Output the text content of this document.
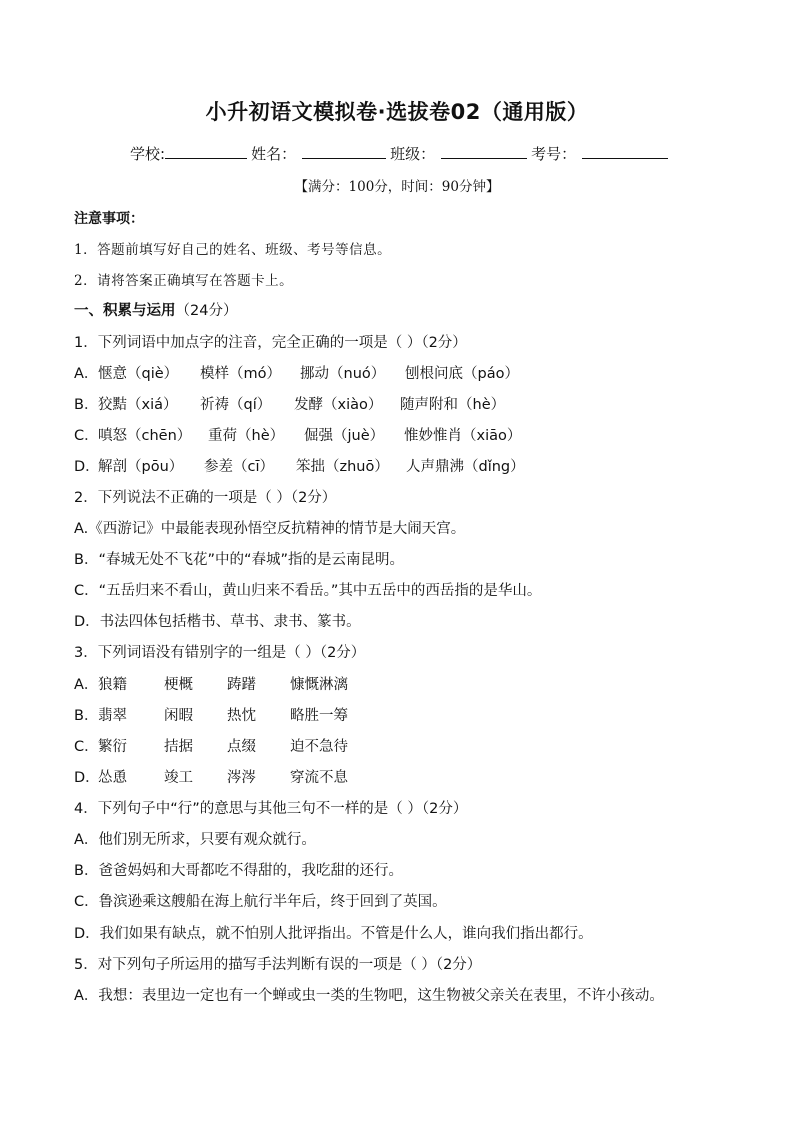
小升初语文模拟卷·选拔卷02（通用版）
学校:	姓名：	班级：	考号：
【满分：100分，时间：90分钟】
注意事项：
1．答题前填写好自己的姓名、班级、考号等信息。
2．请将答案正确填写在答题卡上。
一、积累与运用（24分）
1．下列词语中加点字的注音，完全正确的一项是（ ）（2分）
A．惬意（qiè） 模样（mó） 挪动（nuó） 刨根问底（páo）
B．狡黠（xiá） 祈祷（qí） 发酵（xiào） 随声附和（hè）
C．嗔怒（chēn） 重荷（hè） 倔强（juè） 惟妙惟肖（xiāo）
D．解剖（pōu） 参差（cī） 笨拙（zhuō） 人声鼎沸（dǐng）
2．下列说法不正确的一项是（ ）（2分）
A.《西游记》中最能表现孙悟空反抗精神的情节是大闹天宫。
B．“春城无处不飞花”中的“春城”指的是云南昆明。
C．“五岳归来不看山，黄山归来不看岳。”其中五岳中的西岳指的是华山。
D．书法四体包括楷书、草书、隶书、篆书。
3．下列词语没有错别字的一组是（ ）（2分）
A．狼籍	梗概 踌躇 慷慨淋漓
B．翡翠	闲暇 热忱 略胜一筹
C．繁衍	拮据 点缀 迫不急待
D．怂恿	竣工 涔涔 穿流不息
4．下列句子中“行”的意思与其他三句不一样的是（ ）（2分）
A．他们别无所求，只要有观众就行。
B．爸爸妈妈和大哥都吃不得甜的，我吃甜的还行。
C．鲁滨逊乘这艘船在海上航行半年后，终于回到了英国。
D．我们如果有缺点，就不怕别人批评指出。不管是什么人，谁向我们指出都行。
5．对下列句子所运用的描写手法判断有误的一项是（ ）（2分）
A．我想：表里边一定也有一个蝉或虫一类的生物吧，这生物被父亲关在表里，不许小孩动。
